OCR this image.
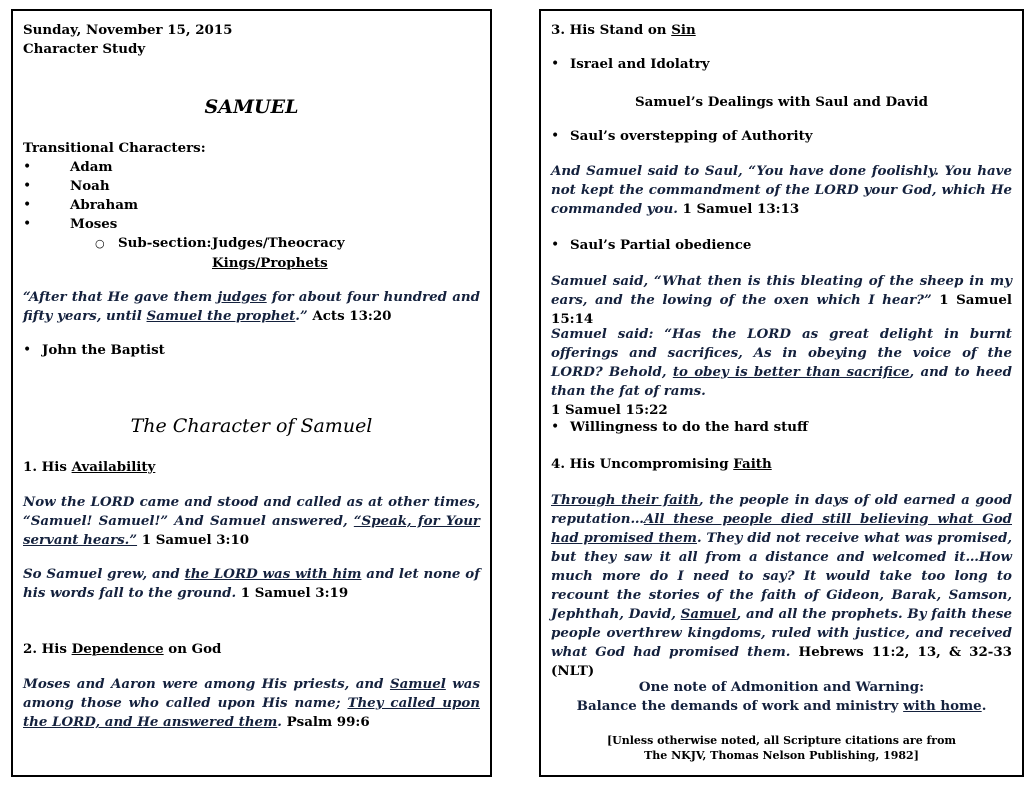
Sunday, November 15, 2015
Character Study
SAMUEL
Transitional Characters:
•	Adam
•	Noah
•	Abraham
•	Moses
○ Sub-section: Judges/Theocracy
Kings/Prophets
“After that He gave them judges for about four hundred and fifty years, until Samuel the prophet.” Acts 13:20
• John the Baptist
The Character of Samuel
1. His Availability
Now the LORD came and stood and called as at other times, “Samuel! Samuel!” And Samuel answered, “Speak, for Your servant hears.” 1 Samuel 3:10
So Samuel grew, and the LORD was with him and let none of his words fall to the ground. 1 Samuel 3:19
2. His Dependence on God
Moses and Aaron were among His priests, and Samuel was among those who called upon His name; They called upon the LORD, and He answered them. Psalm 99:6
3. His Stand on Sin
• Israel and Idolatry
Samuel’s Dealings with Saul and David
• Saul’s overstepping of Authority
And Samuel said to Saul, “You have done foolishly. You have not kept the commandment of the LORD your God, which He commanded you. 1 Samuel 13:13
• Saul’s Partial obedience
Samuel said, “What then is this bleating of the sheep in my ears, and the lowing of the oxen which I hear?” 1 Samuel 15:14
Samuel said: “Has the LORD as great delight in burnt offerings and sacrifices, As in obeying the voice of the LORD? Behold, to obey is better than sacrifice, and to heed than the fat of rams.
1 Samuel 15:22
• Willingness to do the hard stuff
4. His Uncompromising Faith
Through their faith, the people in days of old earned a good reputation…All these people died still believing what God had promised them. They did not receive what was promised, but they saw it all from a distance and welcomed it…How much more do I need to say? It would take too long to recount the stories of the faith of Gideon, Barak, Samson, Jephthah, David, Samuel, and all the prophets. By faith these people overthrew kingdoms, ruled with justice, and received what God had promised them. Hebrews 11:2, 13, & 32-33 (NLT)
One note of Admonition and Warning:
Balance the demands of work and ministry with home.
[Unless otherwise noted, all Scripture citations are from
The NKJV, Thomas Nelson Publishing, 1982]
